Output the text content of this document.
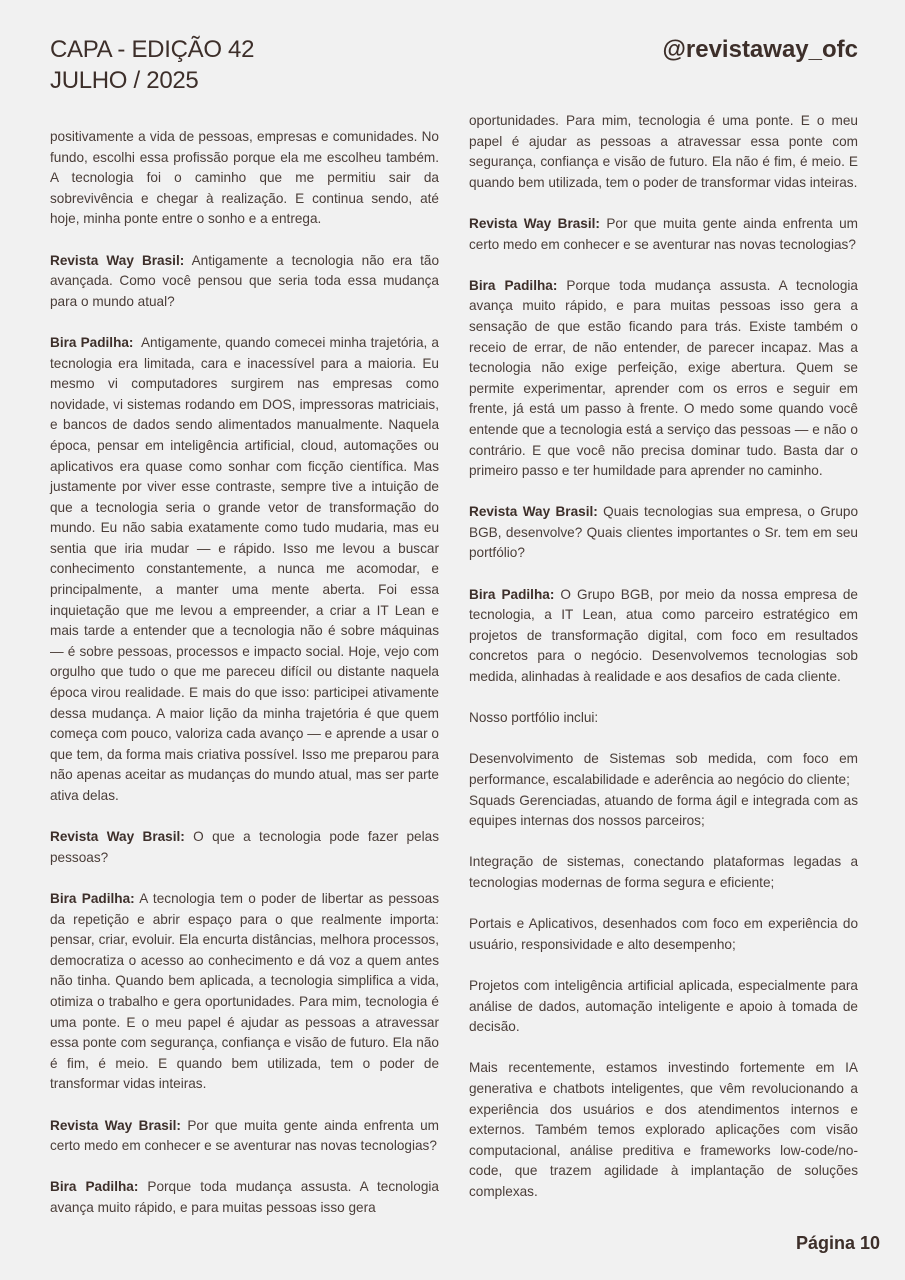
CAPA - EDIÇÃO 42
JULHO / 2025
@revistaway_ofc

positivamente a vida de pessoas, empresas e comunidades. No fundo, escolhi essa profissão porque ela me escolheu também. A tecnologia foi o caminho que me permitiu sair da sobrevivência e chegar à realização. E continua sendo, até hoje, minha ponte entre o sonho e a entrega.

Revista Way Brasil: Antigamente a tecnologia não era tão avançada. Como você pensou que seria toda essa mudança para o mundo atual?

Bira Padilha:  Antigamente, quando comecei minha trajetória, a tecnologia era limitada, cara e inacessível para a maioria. Eu mesmo vi computadores surgirem nas empresas como novidade, vi sistemas rodando em DOS, impressoras matriciais, e bancos de dados sendo alimentados manualmente. Naquela época, pensar em inteligência artificial, cloud, automações ou aplicativos era quase como sonhar com ficção científica. Mas justamente por viver esse contraste, sempre tive a intuição de que a tecnologia seria o grande vetor de transformação do mundo. Eu não sabia exatamente como tudo mudaria, mas eu sentia que iria mudar — e rápido. Isso me levou a buscar conhecimento constantemente, a nunca me acomodar, e principalmente, a manter uma mente aberta. Foi essa inquietação que me levou a empreender, a criar a IT Lean e mais tarde a entender que a tecnologia não é sobre máquinas — é sobre pessoas, processos e impacto social. Hoje, vejo com orgulho que tudo o que me pareceu difícil ou distante naquela época virou realidade. E mais do que isso: participei ativamente dessa mudança. A maior lição da minha trajetória é que quem começa com pouco, valoriza cada avanço — e aprende a usar o que tem, da forma mais criativa possível. Isso me preparou para não apenas aceitar as mudanças do mundo atual, mas ser parte ativa delas.

Revista Way Brasil: O que a tecnologia pode fazer pelas pessoas?

Bira Padilha: A tecnologia tem o poder de libertar as pessoas da repetição e abrir espaço para o que realmente importa: pensar, criar, evoluir. Ela encurta distâncias, melhora processos, democratiza o acesso ao conhecimento e dá voz a quem antes não tinha. Quando bem aplicada, a tecnologia simplifica a vida, otimiza o trabalho e gera oportunidades. Para mim, tecnologia é uma ponte. E o meu papel é ajudar as pessoas a atravessar essa ponte com segurança, confiança e visão de futuro. Ela não é fim, é meio. E quando bem utilizada, tem o poder de transformar vidas inteiras.

Revista Way Brasil: Por que muita gente ainda enfrenta um certo medo em conhecer e se aventurar nas novas tecnologias?

Bira Padilha: Porque toda mudança assusta. A tecnologia avança muito rápido, e para muitas pessoas isso gera

oportunidades. Para mim, tecnologia é uma ponte. E o meu papel é ajudar as pessoas a atravessar essa ponte com segurança, confiança e visão de futuro. Ela não é fim, é meio. E quando bem utilizada, tem o poder de transformar vidas inteiras.

Revista Way Brasil: Por que muita gente ainda enfrenta um certo medo em conhecer e se aventurar nas novas tecnologias?

Bira Padilha: Porque toda mudança assusta. A tecnologia avança muito rápido, e para muitas pessoas isso gera a sensação de que estão ficando para trás. Existe também o receio de errar, de não entender, de parecer incapaz. Mas a tecnologia não exige perfeição, exige abertura. Quem se permite experimentar, aprender com os erros e seguir em frente, já está um passo à frente. O medo some quando você entende que a tecnologia está a serviço das pessoas — e não o contrário. E que você não precisa dominar tudo. Basta dar o primeiro passo e ter humildade para aprender no caminho.

Revista Way Brasil: Quais tecnologias sua empresa, o Grupo BGB, desenvolve? Quais clientes importantes o Sr. tem em seu portfólio?

Bira Padilha: O Grupo BGB, por meio da nossa empresa de tecnologia, a IT Lean, atua como parceiro estratégico em projetos de transformação digital, com foco em resultados concretos para o negócio. Desenvolvemos tecnologias sob medida, alinhadas à realidade e aos desafios de cada cliente.

Nosso portfólio inclui:

Desenvolvimento de Sistemas sob medida, com foco em performance, escalabilidade e aderência ao negócio do cliente;

Squads Gerenciadas, atuando de forma ágil e integrada com as equipes internas dos nossos parceiros;

Integração de sistemas, conectando plataformas legadas a tecnologias modernas de forma segura e eficiente;

Portais e Aplicativos, desenhados com foco em experiência do usuário, responsividade e alto desempenho;

Projetos com inteligência artificial aplicada, especialmente para análise de dados, automação inteligente e apoio à tomada de decisão.

Mais recentemente, estamos investindo fortemente em IA generativa e chatbots inteligentes, que vêm revolucionando a experiência dos usuários e dos atendimentos internos e externos. Também temos explorado aplicações com visão computacional, análise preditiva e frameworks low-code/no-code, que trazem agilidade à implantação de soluções complexas.

Página 10
